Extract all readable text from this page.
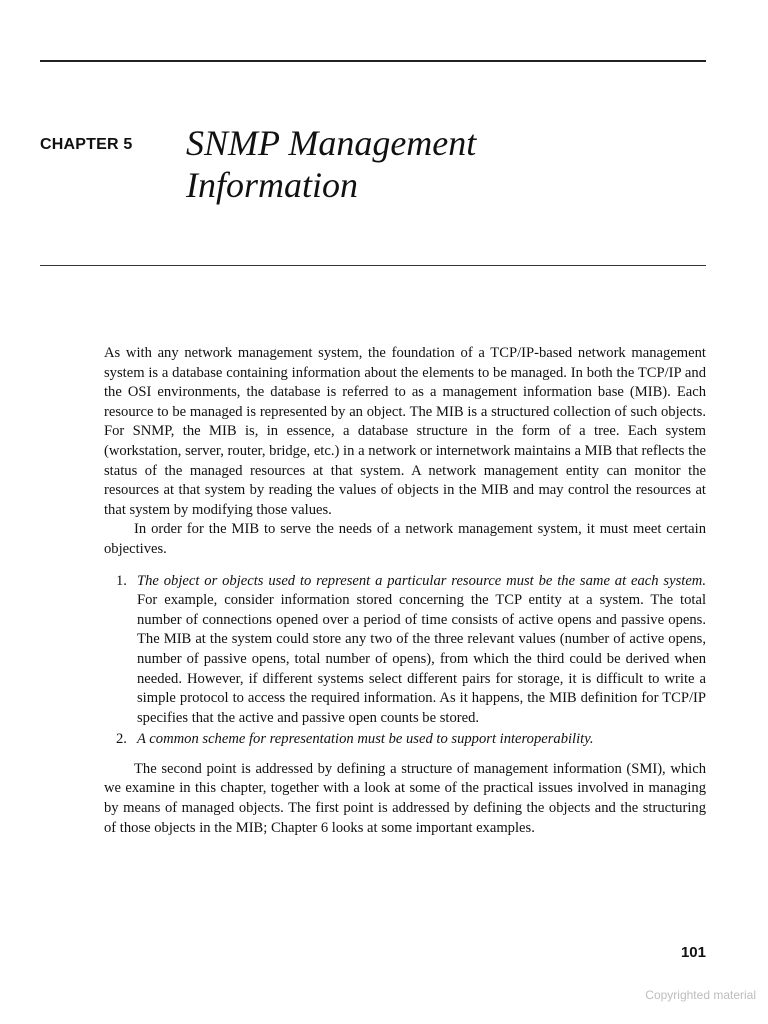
CHAPTER 5 SNMP Management
Information

As with any network management system, the foundation of a TCP/IP-based network management system is a database containing information about the elements to be managed. In both the TCP/IP and the OSI environments, the database is referred to as a management information base (MIB). Each resource to be managed is represented by an object. The MIB is a structured collection of such objects. For SNMP, the MIB is, in essence, a database structure in the form of a tree. Each system (workstation, server, router, bridge, etc.) in a network or internetwork maintains a MIB that reflects the status of the managed resources at that system. A network management entity can monitor the resources at that system by reading the values of objects in the MIB and may control the resources at that system by modifying those values.

In order for the MIB to serve the needs of a network management system, it must meet certain objectives.

1. The object or objects used to represent a particular resource must be the same at each system. For example, consider information stored concerning the TCP entity at a system. The total number of connections opened over a period of time consists of active opens and passive opens. The MIB at the system could store any two of the three relevant values (number of active opens, number of passive opens, total number of opens), from which the third could be derived when needed. However, if different systems select different pairs for storage, it is difficult to write a simple protocol to access the required information. As it happens, the MIB definition for TCP/IP specifies that the active and passive open counts be stored.
2. A common scheme for representation must be used to support interoperability.

The second point is addressed by defining a structure of management information (SMI), which we examine in this chapter, together with a look at some of the practical issues involved in managing by means of managed objects. The first point is addressed by defining the objects and the structuring of those objects in the MIB; Chapter 6 looks at some important examples.

101
Copyrighted material
